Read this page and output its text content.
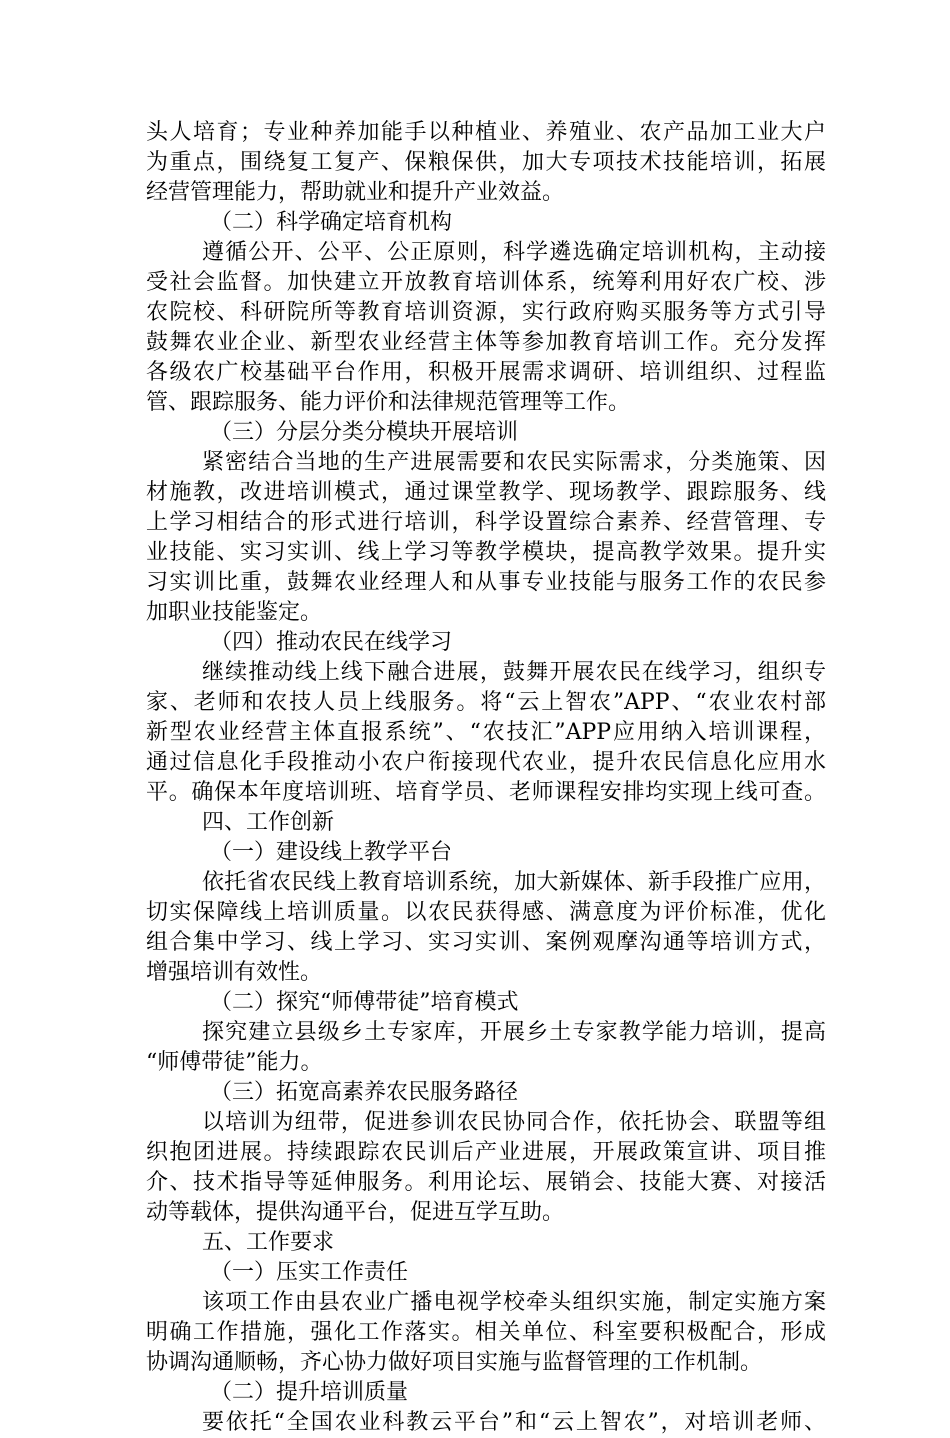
头人培育；专业种养加能手以种植业、养殖业、农产品加工业大户
为重点，围绕复工复产、保粮保供，加大专项技术技能培训，拓展
经营管理能力，帮助就业和提升产业效益。
（二）科学确定培育机构
遵循公开、公平、公正原则，科学遴选确定培训机构，主动接
受社会监督。加快建立开放教育培训体系，统筹利用好农广校、涉
农院校、科研院所等教育培训资源，实行政府购买服务等方式引导
鼓舞农业企业、新型农业经营主体等参加教育培训工作。充分发挥
各级农广校基础平台作用，积极开展需求调研、培训组织、过程监
管、跟踪服务、能力评价和法律规范管理等工作。
（三）分层分类分模块开展培训
紧密结合当地的生产进展需要和农民实际需求，分类施策、因
材施教，改进培训模式，通过课堂教学、现场教学、跟踪服务、线
上学习相结合的形式进行培训，科学设置综合素养、经营管理、专
业技能、实习实训、线上学习等教学模块，提高教学效果。提升实
习实训比重，鼓舞农业经理人和从事专业技能与服务工作的农民参
加职业技能鉴定。
（四）推动农民在线学习
继续推动线上线下融合进展，鼓舞开展农民在线学习，组织专
家、老师和农技人员上线服务。将“云上智农”APP、“农业农村部
新型农业经营主体直报系统”、“农技汇”APP应用纳入培训课程，
通过信息化手段推动小农户衔接现代农业，提升农民信息化应用水
平。确保本年度培训班、培育学员、老师课程安排均实现上线可查。
四、工作创新
（一）建设线上教学平台
依托省农民线上教育培训系统，加大新媒体、新手段推广应用，
切实保障线上培训质量。以农民获得感、满意度为评价标准，优化
组合集中学习、线上学习、实习实训、案例观摩沟通等培训方式，
增强培训有效性。
（二）探究“师傅带徒”培育模式
探究建立县级乡土专家库，开展乡土专家教学能力培训，提高
“师傅带徒”能力。
（三）拓宽高素养农民服务路径
以培训为纽带，促进参训农民协同合作，依托协会、联盟等组
织抱团进展。持续跟踪农民训后产业进展，开展政策宣讲、项目推
介、技术指导等延伸服务。利用论坛、展销会、技能大赛、对接活
动等载体，提供沟通平台，促进互学互助。
五、工作要求
（一）压实工作责任
该项工作由县农业广播电视学校牵头组织实施，制定实施方案
明确工作措施，强化工作落实。相关单位、科室要积极配合，形成
协调沟通顺畅，齐心协力做好项目实施与监督管理的工作机制。
（二）提升培训质量
要依托“全国农业科教云平台”和“云上智农”，对培训老师、
